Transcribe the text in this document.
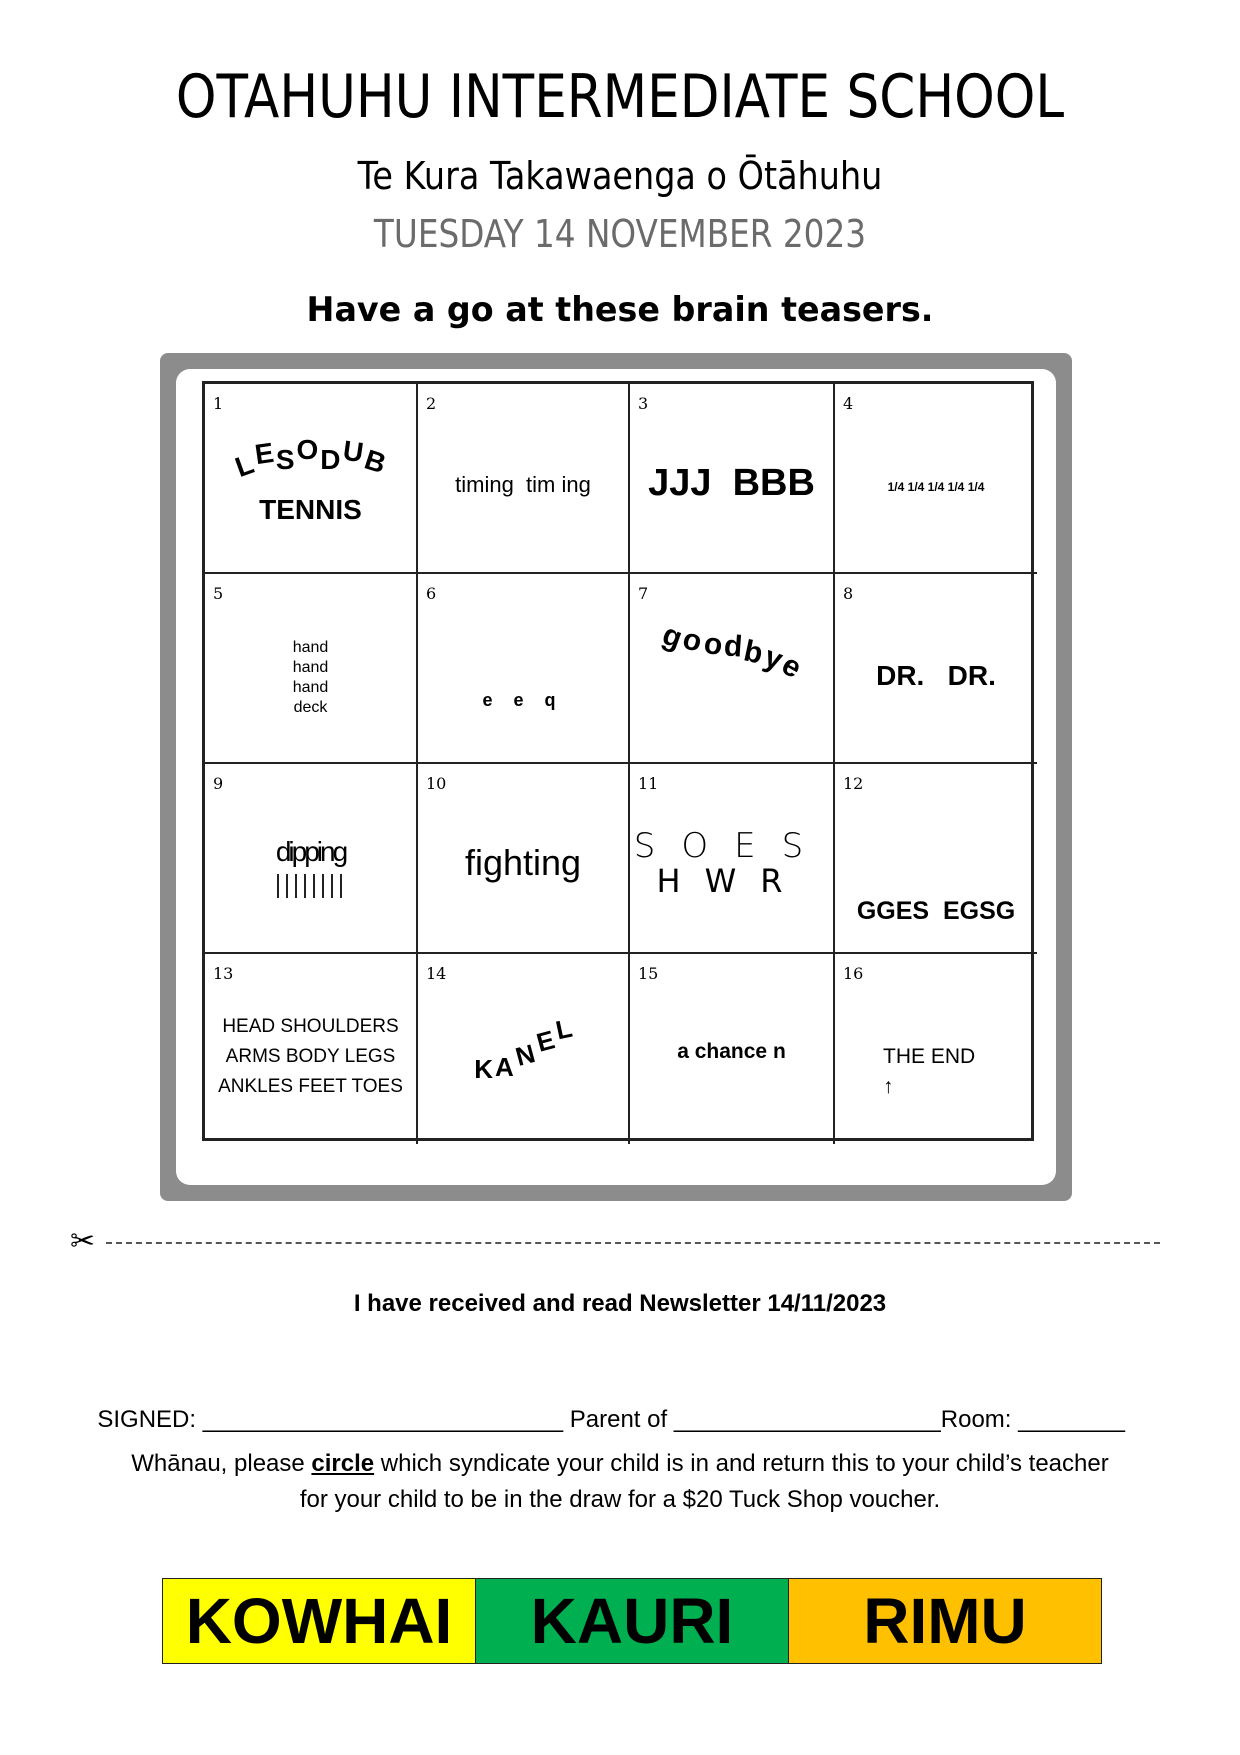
OTAHUHU INTERMEDIATE SCHOOL
Te Kura Takawaenga o Ōtāhuhu
TUESDAY 14 NOVEMBER 2023
Have a go at these brain teasers.
1
LESODUB
TENNIS
2
timing  tim ing
3
JJJ  BBB
4
1/4 1/4 1/4 1/4 1/4
5
hand
hand
hand
deck
6

e e q

7
goodbye
8
DR.   DR.
9
dipping
10
fighting
11
SOES
HWR
12

GGES  EGSG

13
HEAD SHOULDERS
ARMS BODY LEGS
ANKLES FEET TOES
14
KANEL
15
a chance n
16
THE END
↑
✂
I have received and read Newsletter 14/11/2023

SIGNED: ___________________________ Parent of ____________________Room: ________

Whānau, please circle which syndicate your child is in and return this to your child’s teacher
for your child to be in the draw for a $20 Tuck Shop voucher.
KOWHAI	KAURI	RIMU
